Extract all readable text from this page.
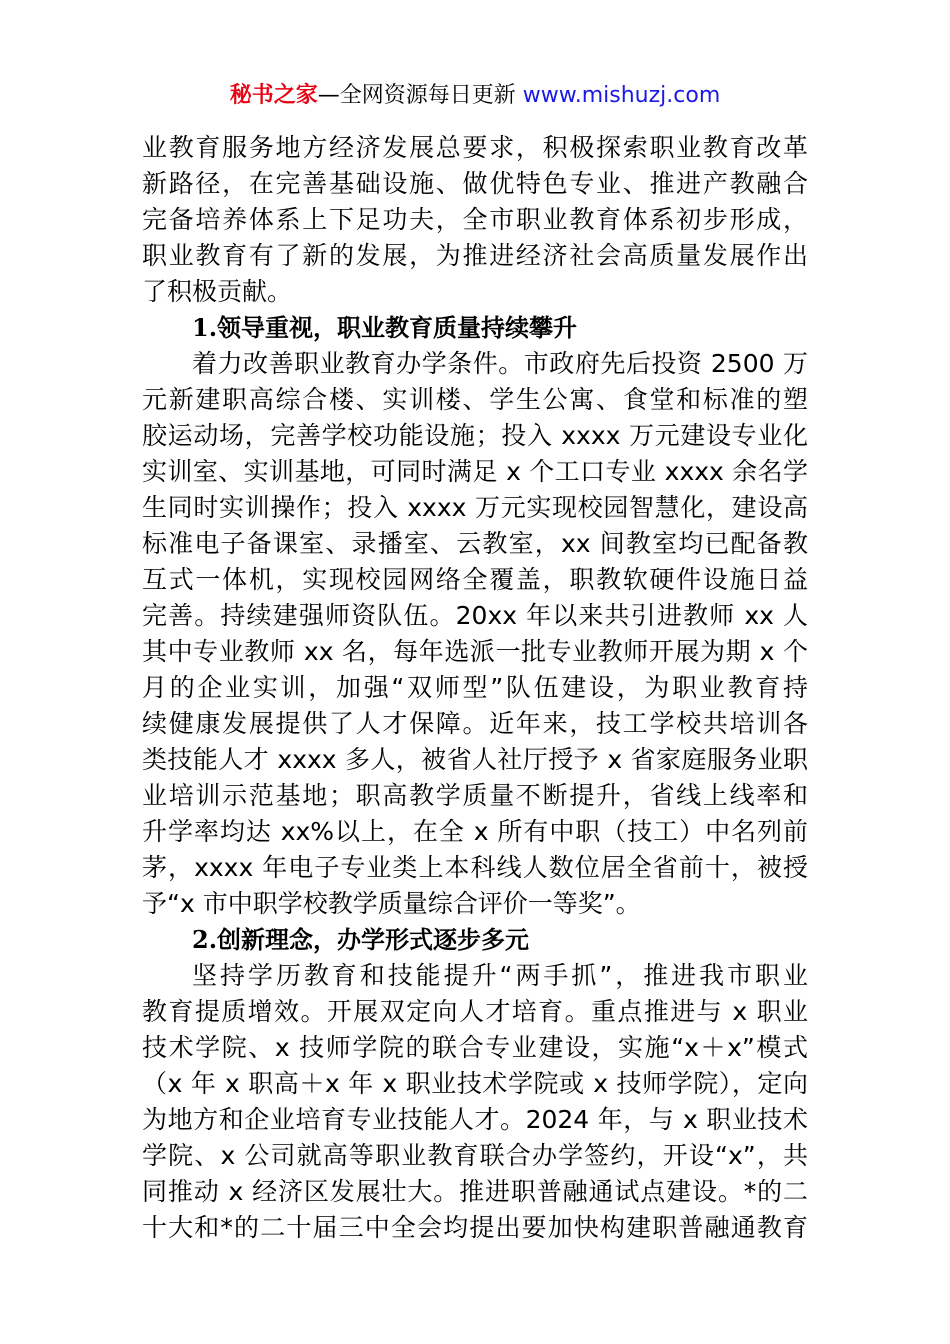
秘书之家—全网资源每日更新 www.mishuzj.com
业教育服务地方经济发展总要求，积极探索职业教育改革
新路径，在完善基础设施、做优特色专业、推进产教融合
完备培养体系上下足功夫，全市职业教育体系初步形成，
职业教育有了新的发展，为推进经济社会高质量发展作出
了积极贡献。
1.领导重视，职业教育质量持续攀升
着力改善职业教育办学条件。市政府先后投资 2500 万
元新建职高综合楼、实训楼、学生公寓、食堂和标准的塑
胶运动场，完善学校功能设施；投入 xxxx 万元建设专业化
实训室、实训基地，可同时满足 x 个工口专业 xxxx 余名学
生同时实训操作；投入 xxxx 万元实现校园智慧化，建设高
标准电子备课室、录播室、云教室，xx 间教室均已配备教
互式一体机，实现校园网络全覆盖，职教软硬件设施日益
完善。持续建强师资队伍。20xx 年以来共引进教师 xx 人
其中专业教师 xx 名，每年选派一批专业教师开展为期 x 个
月的企业实训，加强“双师型”队伍建设，为职业教育持
续健康发展提供了人才保障。近年来，技工学校共培训各
类技能人才 xxxx 多人，被省人社厅授予 x 省家庭服务业职
业培训示范基地；职高教学质量不断提升，省线上线率和
升学率均达 xx%以上，在全 x 所有中职（技工）中名列前
茅，xxxx 年电子专业类上本科线人数位居全省前十，被授
予“x 市中职学校教学质量综合评价一等奖”。
2.创新理念，办学形式逐步多元
坚持学历教育和技能提升“两手抓”，推进我市职业
教育提质增效。开展双定向人才培育。重点推进与 x 职业
技术学院、x 技师学院的联合专业建设，实施“x＋x”模式
（x 年 x 职高＋x 年 x 职业技术学院或 x 技师学院），定向
为地方和企业培育专业技能人才。2024 年，与 x 职业技术
学院、x 公司就高等职业教育联合办学签约，开设“x”，共
同推动 x 经济区发展壮大。推进职普融通试点建设。*的二
十大和*的二十届三中全会均提出要加快构建职普融通教育
